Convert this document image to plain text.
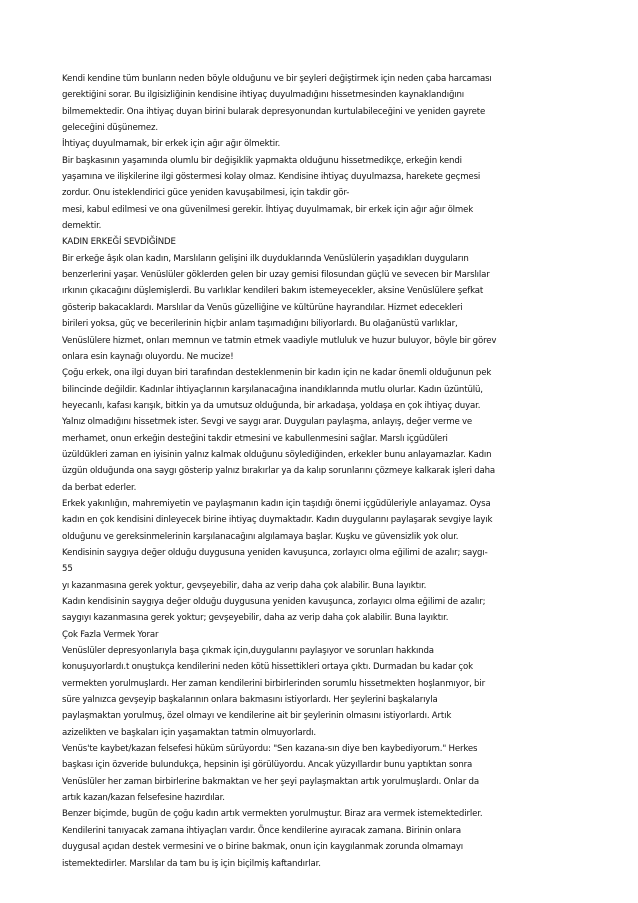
Kendi kendine tüm bunların neden böyle olduğunu ve bir şeyleri değiştirmek için neden çaba harcaması
gerektiğini sorar. Bu ilgisizliğinin kendisine ihtiyaç duyulmadığını hissetmesinden kaynaklandığını
bilmemektedir. Ona ihtiyaç duyan birini bularak depresyonundan kurtulabileceğini ve yeniden gayrete
geleceğini düşünemez.
İhtiyaç duyulmamak, bir erkek için ağır ağır ölmektir.
Bir başkasının yaşamında olumlu bir değişiklik yapmakta olduğunu hissetmedikçe, erkeğin kendi
yaşamına ve ilişkilerine ilgi göstermesi kolay olmaz. Kendisine ihtiyaç duyulmazsa, harekete geçmesi
zordur. Onu isteklendirici güce yeniden kavuşabilmesi, için takdir gör-
mesi, kabul edilmesi ve ona güvenilmesi gerekir. İhtiyaç duyulmamak, bir erkek için ağır ağır ölmek
demektir.
KADIN ERKEĞİ SEVDİĞİNDE
Bir erkeğe âşık olan kadın, Marslıların gelişini ilk duyduklarında Venüslülerin yaşadıkları duyguların
benzerlerini yaşar. Venüslüler göklerden gelen bir uzay gemisi filosundan güçlü ve sevecen bir Marslılar
ırkının çıkacağını düşlemişlerdi. Bu varlıklar kendileri bakım istemeyecekler, aksine Venüslülere şefkat
gösterip bakacaklardı. Marslılar da Venüs güzelliğine ve kültürüne hayrandılar. Hizmet edecekleri
birileri yoksa, güç ve becerilerinin hiçbir anlam taşımadığını biliyorlardı. Bu olağanüstü varlıklar,
Venüslülere hizmet, onları memnun ve tatmin etmek vaadiyle mutluluk ve huzur buluyor, böyle bir görev
onlara esin kaynağı oluyordu. Ne mucize!
Çoğu erkek, ona ilgi duyan biri tarafından desteklenmenin bir kadın için ne kadar önemli olduğunun pek
bilincinde değildir. Kadınlar ihtiyaçlarının karşılanacağına inandıklarında mutlu olurlar. Kadın üzüntülü,
heyecanlı, kafası karışık, bitkin ya da umutsuz olduğunda, bir arkadaşa, yoldaşa en çok ihtiyaç duyar.
Yalnız olmadığını hissetmek ister. Sevgi ve saygı arar. Duyguları paylaşma, anlayış, değer verme ve
merhamet, onun erkeğin desteğini takdir etmesini ve kabullenmesini sağlar. Marslı içgüdüleri
üzüldükleri zaman en iyisinin yalnız kalmak olduğunu söylediğinden, erkekler bunu anlayamazlar. Kadın
üzgün olduğunda ona saygı gösterip yalnız bırakırlar ya da kalıp sorunlarını çözmeye kalkarak işleri daha
da berbat ederler.
Erkek yakınlığın, mahremiyetin ve paylaşmanın kadın için taşıdığı önemi içgüdüleriyle anlayamaz. Oysa
kadın en çok kendisini dinleyecek birine ihtiyaç duymaktadır. Kadın duygularını paylaşarak sevgiye layık
olduğunu ve gereksinmelerinin karşılanacağını algılamaya başlar. Kuşku ve güvensizlik yok olur.
Kendisinin saygıya değer olduğu duygusuna yeniden kavuşunca, zorlayıcı olma eğilimi de azalır; saygı-
55
yı kazanmasına gerek yoktur, gevşeyebilir, daha az verip daha çok alabilir. Buna layıktır.
Kadın kendisinin saygıya değer olduğu duygusuna yeniden kavuşunca, zorlayıcı olma eğilimi de azalır;
saygıyı kazanmasına gerek yoktur; gevşeyebilir, daha az verip daha çok alabilir. Buna layıktır.
Çok Fazla Vermek Yorar
Venüslüler depresyonlarıyla başa çıkmak için,duygularını paylaşıyor ve sorunları hakkında
konuşuyorlardı.t onuştukça kendilerini neden kötü hissettikleri ortaya çıktı. Durmadan bu kadar çok
vermekten yorulmuşlardı. Her zaman kendilerini birbirlerinden sorumlu hissetmekten hoşlanmıyor, bir
süre yalnızca gevşeyip başkalarının onlara bakmasını istiyorlardı. Her şeylerini başkalarıyla
paylaşmaktan yorulmuş, özel olmayı ve kendilerine ait bir şeylerinin olmasını istiyorlardı. Artık
azizelikten ve başkaları için yaşamaktan tatmin olmuyorlardı.
Venüs'te kaybet/kazan felsefesi hüküm sürüyordu: "Sen kazana-sın diye ben kaybediyorum." Herkes
başkası için özveride bulundukça, hepsinin işi görülüyordu. Ancak yüzyıllardır bunu yaptıktan sonra
Venüslüler her zaman birbirlerine bakmaktan ve her şeyi paylaşmaktan artık yorulmuşlardı. Onlar da
artık kazan/kazan felsefesine hazırdılar.
Benzer biçimde, bugün de çoğu kadın artık vermekten yorulmuştur. Biraz ara vermek istemektedirler.
Kendilerini tanıyacak zamana ihtiyaçları vardır. Önce kendilerine ayıracak zamana. Birinin onlara
duygusal açıdan destek vermesini ve o birine bakmak, onun için kaygılanmak zorunda olmamayı
istemektedirler. Marslılar da tam bu iş için biçilmiş kaftandırlar.
